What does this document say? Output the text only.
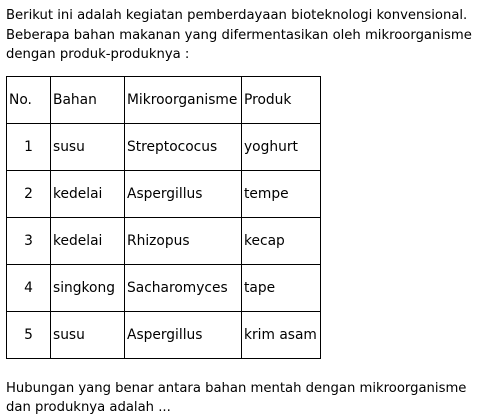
Berikut ini adalah kegiatan pemberdayaan bioteknologi konvensional.
Beberapa bahan makanan yang difermentasikan oleh mikroorganisme
dengan produk-produknya :
No.	Bahan	Mikroorganisme	Produk
1	susu	Streptococus	yoghurt
2	kedelai	Aspergillus	tempe
3	kedelai	Rhizopus	kecap
4	singkong	Sacharomyces	tape
5	susu	Aspergillus	krim asam
Hubungan yang benar antara bahan mentah dengan mikroorganisme
dan produknya adalah ...
